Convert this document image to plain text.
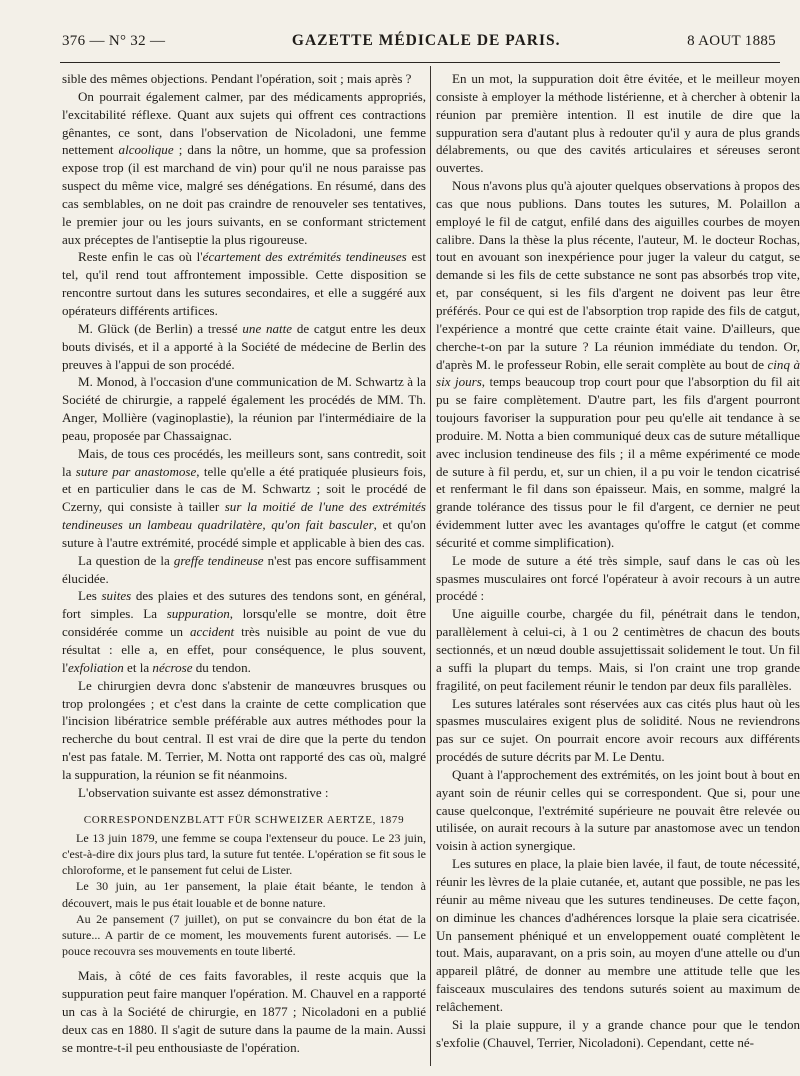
376 — N° 32 —	GAZETTE MÉDICALE DE PARIS.	8 AOUT 1885

sible des mêmes objections. Pendant l'opération, soit ; mais après ?

On pourrait également calmer, par des médicaments appropriés, l'excitabilité réflexe. Quant aux sujets qui offrent ces contractions gênantes, ce sont, dans l'observation de Nicoladoni, une femme nettement alcoolique ; dans la nôtre, un homme, que sa profession expose trop (il est marchand de vin) pour qu'il ne nous paraisse pas suspect du même vice, malgré ses dénégations. En résumé, dans des cas semblables, on ne doit pas craindre de renouveler ses tentatives, le premier jour ou les jours suivants, en se conformant strictement aux préceptes de l'antiseptie la plus rigoureuse.

Reste enfin le cas où l'écartement des extrémités tendineuses est tel, qu'il rend tout affrontement impossible. Cette disposition se rencontre surtout dans les sutures secondaires, et elle a suggéré aux opérateurs différents artifices.

M. Glück (de Berlin) a tressé une natte de catgut entre les deux bouts divisés, et il a apporté à la Société de médecine de Berlin des preuves à l'appui de son procédé.

M. Monod, à l'occasion d'une communication de M. Schwartz à la Société de chirurgie, a rappelé également les procédés de MM. Th. Anger, Mollière (vaginoplastie), la réunion par l'intermédiaire de la peau, proposée par Chassaignac.

Mais, de tous ces procédés, les meilleurs sont, sans contredit, soit la suture par anastomose, telle qu'elle a été pratiquée plusieurs fois, et en particulier dans le cas de M. Schwartz ; soit le procédé de Czerny, qui consiste à tailler sur la moitié de l'une des extrémités tendineuses un lambeau quadrilatère, qu'on fait basculer, et qu'on suture à l'autre extrémité, procédé simple et applicable à bien des cas.

La question de la greffe tendineuse n'est pas encore suffisamment élucidée.

Les suites des plaies et des sutures des tendons sont, en général, fort simples. La suppuration, lorsqu'elle se montre, doit être considérée comme un accident très nuisible au point de vue du résultat : elle a, en effet, pour conséquence, le plus souvent, l'exfoliation et la nécrose du tendon.

Le chirurgien devra donc s'abstenir de manœuvres brusques ou trop prolongées ; et c'est dans la crainte de cette complication que l'incision libératrice semble préférable aux autres méthodes pour la recherche du bout central. Il est vrai de dire que la perte du tendon n'est pas fatale. M. Terrier, M. Notta ont rapporté des cas où, malgré la suppuration, la réunion se fit néanmoins.

L'observation suivante est assez démonstrative :

CORRESPONDENZBLATT FÜR SCHWEIZER AERTZE, 1879

Le 13 juin 1879, une femme se coupa l'extenseur du pouce. Le 23 juin, c'est-à-dire dix jours plus tard, la suture fut tentée. L'opération se fit sous le chloroforme, et le pansement fut celui de Lister.

Le 30 juin, au 1er pansement, la plaie était béante, le tendon à découvert, mais le pus était louable et de bonne nature.

Au 2e pansement (7 juillet), on put se convaincre du bon état de la suture... A partir de ce moment, les mouvements furent autorisés. — Le pouce recouvra ses mouvements en toute liberté.

Mais, à côté de ces faits favorables, il reste acquis que la suppuration peut faire manquer l'opération. M. Chauvel en a rapporté un cas à la Société de chirurgie, en 1877 ; Nicoladoni en a publié deux cas en 1880. Il s'agit de suture dans la paume de la main. Aussi se montre-t-il peu enthousiaste de l'opération.

En un mot, la suppuration doit être évitée, et le meilleur moyen consiste à employer la méthode listérienne, et à chercher à obtenir la réunion par première intention. Il est inutile de dire que la suppuration sera d'autant plus à redouter qu'il y aura de plus grands délabrements, ou que des cavités articulaires et séreuses seront ouvertes.

Nous n'avons plus qu'à ajouter quelques observations à propos des cas que nous publions. Dans toutes les sutures, M. Polaillon a employé le fil de catgut, enfilé dans des aiguilles courbes de moyen calibre. Dans la thèse la plus récente, l'auteur, M. le docteur Rochas, tout en avouant son inexpérience pour juger la valeur du catgut, se demande si les fils de cette substance ne sont pas absorbés trop vite, et, par conséquent, si les fils d'argent ne doivent pas leur être préférés. Pour ce qui est de l'absorption trop rapide des fils de catgut, l'expérience a montré que cette crainte était vaine. D'ailleurs, que cherche-t-on par la suture ? La réunion immédiate du tendon. Or, d'après M. le professeur Robin, elle serait complète au bout de cinq à six jours, temps beaucoup trop court pour que l'absorption du fil ait pu se faire complètement. D'autre part, les fils d'argent pourront toujours favoriser la suppuration pour peu qu'elle ait tendance à se produire. M. Notta a bien communiqué deux cas de suture métallique avec inclusion tendineuse des fils ; il a même expérimenté ce mode de suture à fil perdu, et, sur un chien, il a pu voir le tendon cicatrisé et renfermant le fil dans son épaisseur. Mais, en somme, malgré la grande tolérance des tissus pour le fil d'argent, ce dernier ne peut évidemment lutter avec les avantages qu'offre le catgut (et comme sécurité et comme simplification).

Le mode de suture a été très simple, sauf dans le cas où les spasmes musculaires ont forcé l'opérateur à avoir recours à un autre procédé :

Une aiguille courbe, chargée du fil, pénétrait dans le tendon, parallèlement à celui-ci, à 1 ou 2 centimètres de chacun des bouts sectionnés, et un nœud double assujettissait solidement le tout. Un fil a suffi la plupart du temps. Mais, si l'on craint une trop grande fragilité, on peut facilement réunir le tendon par deux fils parallèles.

Les sutures latérales sont réservées aux cas cités plus haut où les spasmes musculaires exigent plus de solidité. Nous ne reviendrons pas sur ce sujet. On pourrait encore avoir recours aux différents procédés de suture décrits par M. Le Dentu.

Quant à l'approchement des extrémités, on les joint bout à bout en ayant soin de réunir celles qui se correspondent. Que si, pour une cause quelconque, l'extrémité supérieure ne pouvait être relevée ou utilisée, on aurait recours à la suture par anastomose avec un tendon voisin à action synergique.

Les sutures en place, la plaie bien lavée, il faut, de toute nécessité, réunir les lèvres de la plaie cutanée, et, autant que possible, ne pas les réunir au même niveau que les sutures tendineuses. De cette façon, on diminue les chances d'adhérences lorsque la plaie sera cicatrisée. Un pansement phéniqué et un enveloppement ouaté complètent le tout. Mais, auparavant, on a pris soin, au moyen d'une attelle ou d'un appareil plâtré, de donner au membre une attitude telle que les faisceaux musculaires des tendons suturés soient au maximum de relâchement.

Si la plaie suppure, il y a grande chance pour que le tendon s'exfolie (Chauvel, Terrier, Nicoladoni). Cependant, cette né-
